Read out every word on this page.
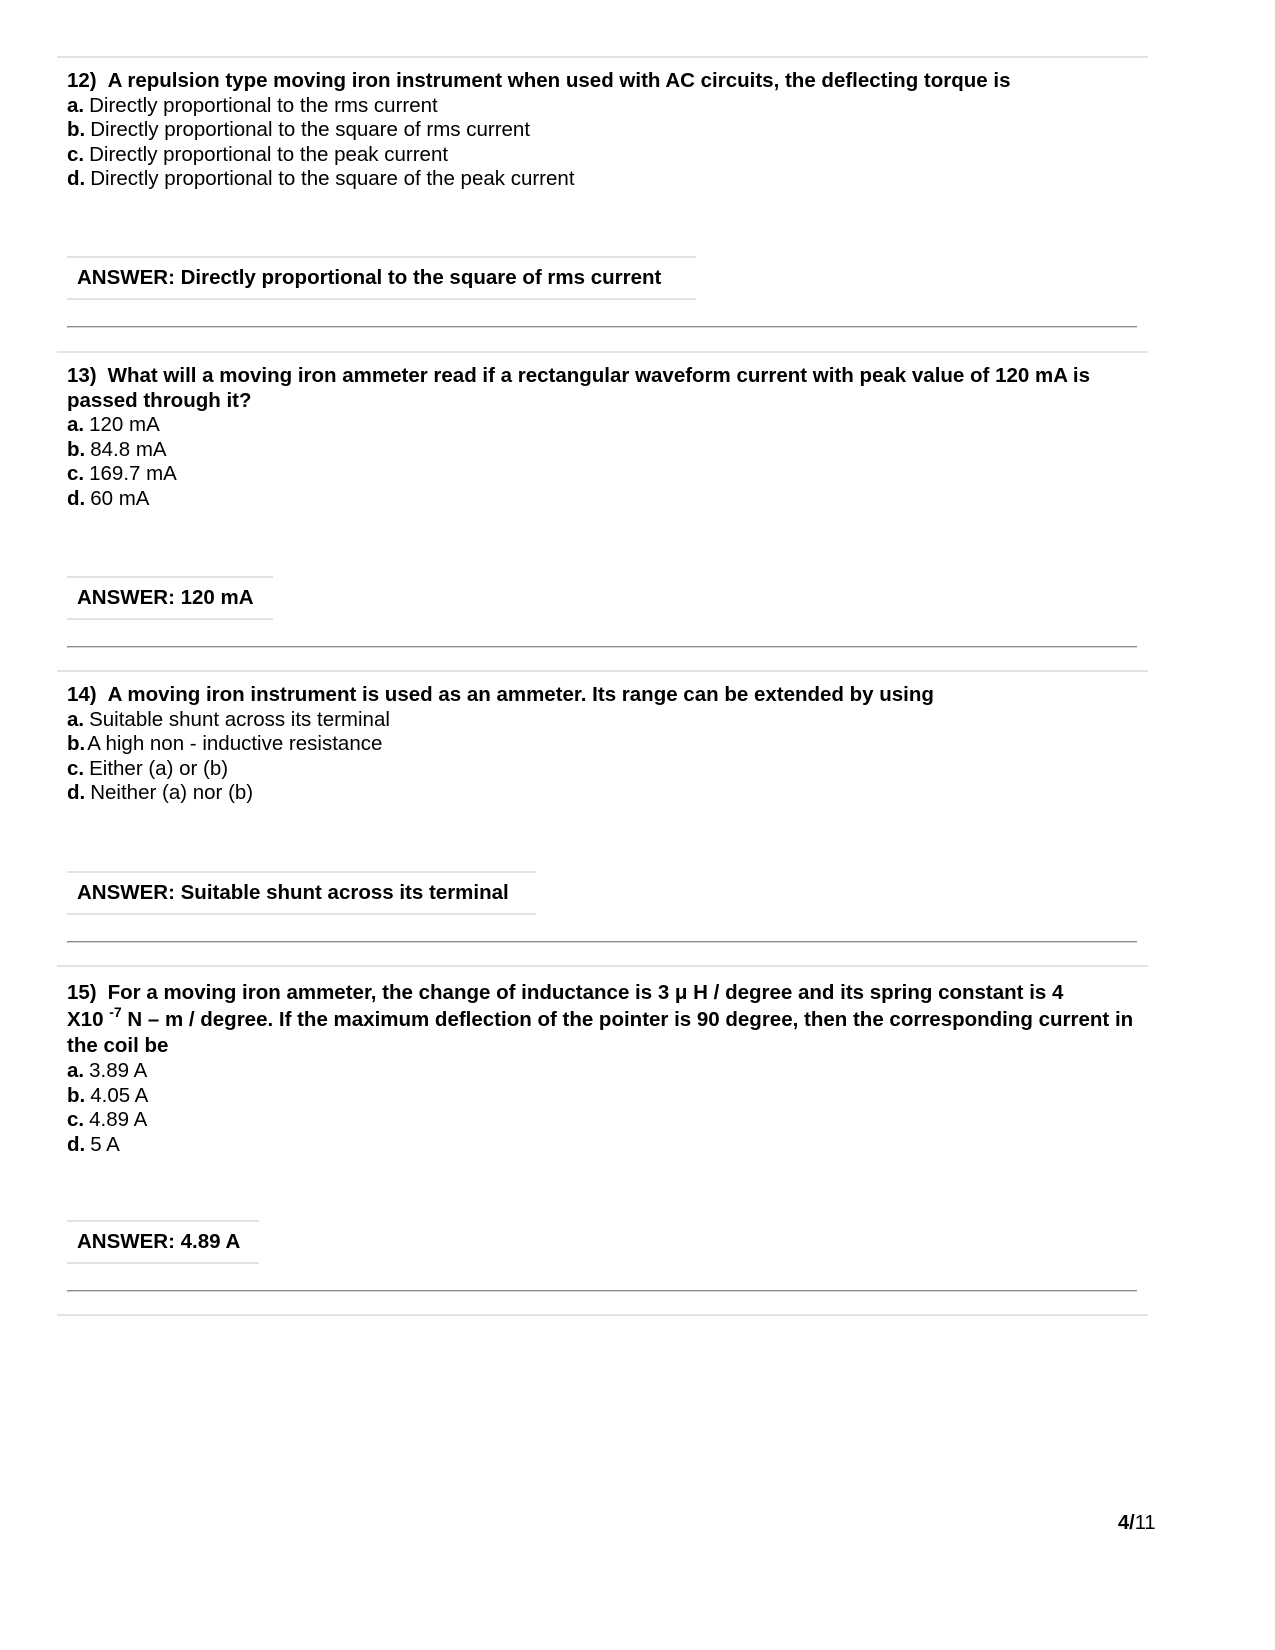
12) A repulsion type moving iron instrument when used with AC circuits, the deflecting torque is

a. Directly proportional to the rms current

b. Directly proportional to the square of rms current

c. Directly proportional to the peak current

d. Directly proportional to the square of the peak current

ANSWER: Directly proportional to the square of rms current

13) What will a moving iron ammeter read if a rectangular waveform current with peak value of 120 mA is passed through it?

a. 120 mA

b. 84.8 mA

c. 169.7 mA

d. 60 mA

ANSWER: 120 mA

14) A moving iron instrument is used as an ammeter. Its range can be extended by using

a. Suitable shunt across its terminal

b.A high non - inductive resistance

c. Either (a) or (b)

d. Neither (a) nor (b)

ANSWER: Suitable shunt across its terminal

15) For a moving iron ammeter, the change of inductance is 3 μ H / degree and its spring constant is 4

X10 $^{-7}$ N – m / degree. If the maximum deflection of the pointer is 90 degree, then the corresponding current in the coil be

a. 3.89 A

b. 4.05 A

c. 4.89 A

d. 5 A

ANSWER: 4.89 A
4/11
